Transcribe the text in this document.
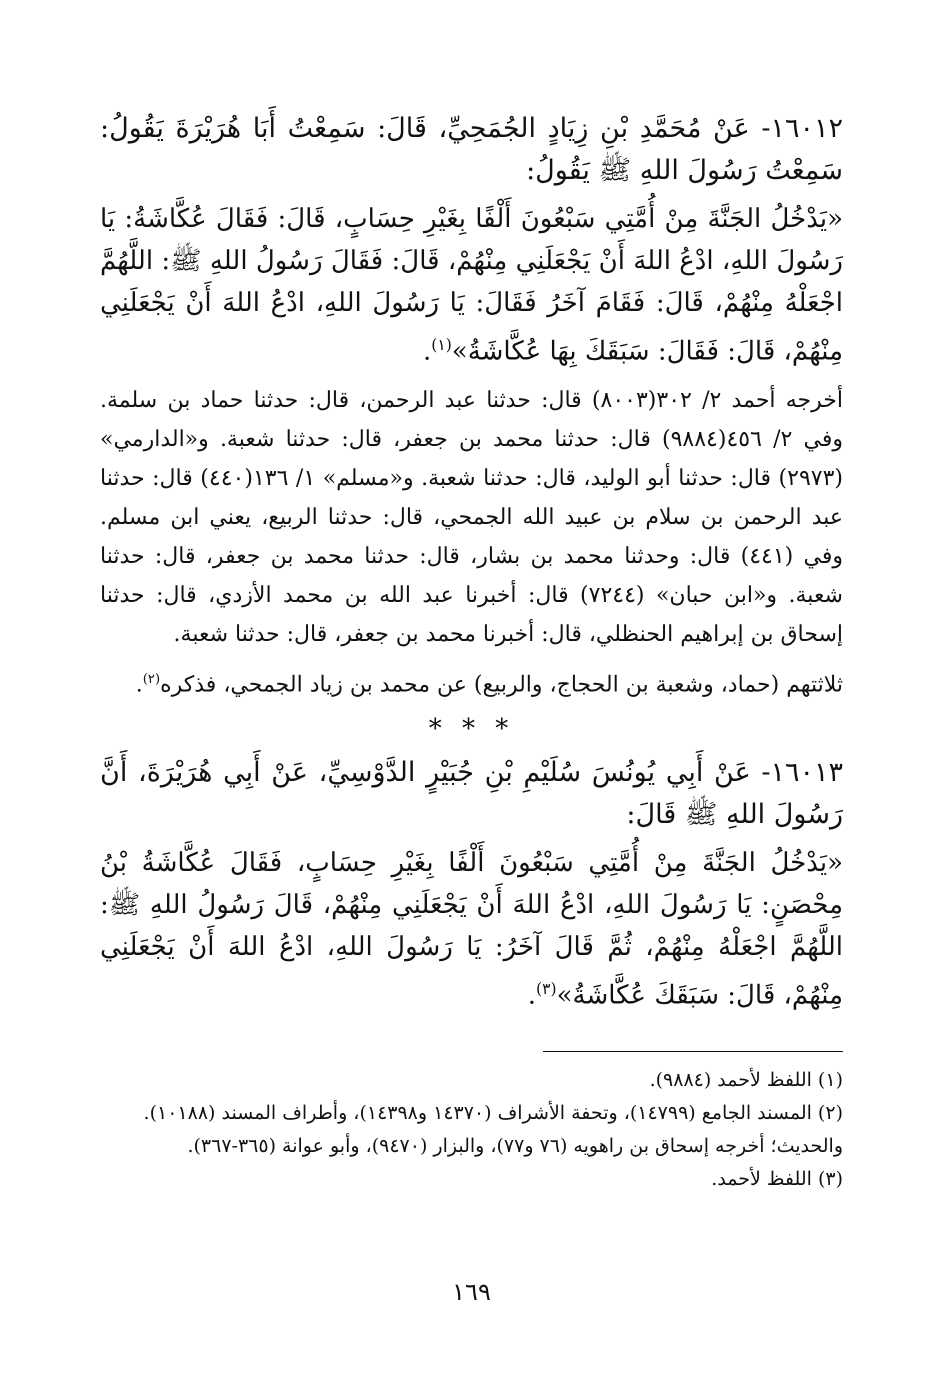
١٦٠١٢- عَنْ مُحَمَّدِ بْنِ زِيَادٍ الجُمَحِيِّ، قَالَ: سَمِعْتُ أَبَا هُرَيْرَةَ يَقُولُ: سَمِعْتُ رَسُولَ اللهِ ﷺ يَقُولُ:

«يَدْخُلُ الجَنَّةَ مِنْ أُمَّتِي سَبْعُونَ أَلْفًا بِغَيْرِ حِسَابٍ، قَالَ: فَقَالَ عُكَّاشَةُ: يَا رَسُولَ اللهِ، ادْعُ اللهَ أَنْ يَجْعَلَنِي مِنْهُمْ، قَالَ: فَقَالَ رَسُولُ اللهِ ﷺ: اللَّهُمَّ اجْعَلْهُ مِنْهُمْ، قَالَ: فَقَامَ آخَرُ فَقَالَ: يَا رَسُولَ اللهِ، ادْعُ اللهَ أَنْ يَجْعَلَنِي مِنْهُمْ، قَالَ: فَقَالَ: سَبَقَكَ بِهَا عُكَّاشَةُ»$^{(١)}$.

أخرجه أحمد ٢/ ٣٠٢(٨٠٠٣) قال: حدثنا عبد الرحمن، قال: حدثنا حماد بن سلمة. وفي ٢/ ٤٥٦(٩٨٨٤) قال: حدثنا محمد بن جعفر، قال: حدثنا شعبة. و«الدارمي» (٢٩٧٣) قال: حدثنا أبو الوليد، قال: حدثنا شعبة. و«مسلم» ١/ ١٣٦(٤٤٠) قال: حدثنا عبد الرحمن بن سلام بن عبيد الله الجمحي، قال: حدثنا الربيع، يعني ابن مسلم. وفي (٤٤١) قال: وحدثنا محمد بن بشار، قال: حدثنا محمد بن جعفر، قال: حدثنا شعبة. و«ابن حبان» (٧٢٤٤) قال: أخبرنا عبد الله بن محمد الأزدي، قال: حدثنا إسحاق بن إبراهيم الحنظلي، قال: أخبرنا محمد بن جعفر، قال: حدثنا شعبة.

ثلاثتهم (حماد، وشعبة بن الحجاج، والربيع) عن محمد بن زياد الجمحي، فذكره$^{(٢)}$.

* * *

١٦٠١٣- عَنْ أَبِي يُونُسَ سُلَيْمِ بْنِ جُبَيْرٍ الدَّوْسِيِّ، عَنْ أَبِي هُرَيْرَةَ، أَنَّ رَسُولَ اللهِ ﷺ قَالَ:

«يَدْخُلُ الجَنَّةَ مِنْ أُمَّتِي سَبْعُونَ أَلْفًا بِغَيْرِ حِسَابٍ، فَقَالَ عُكَّاشَةُ بْنُ مِحْصَنٍ: يَا رَسُولَ اللهِ، ادْعُ اللهَ أَنْ يَجْعَلَنِي مِنْهُمْ، قَالَ رَسُولُ اللهِ ﷺ: اللَّهُمَّ اجْعَلْهُ مِنْهُمْ، ثُمَّ قَالَ آخَرُ: يَا رَسُولَ اللهِ، ادْعُ اللهَ أَنْ يَجْعَلَنِي مِنْهُمْ، قَالَ: سَبَقَكَ عُكَّاشَةُ»$^{(٣)}$.

(١) اللفظ لأحمد (٩٨٨٤).
(٢) المسند الجامع (١٤٧٩٩)، وتحفة الأشراف (١٤٣٧٠ و١٤٣٩٨)، وأطراف المسند (١٠١٨٨).
والحديث؛ أخرجه إسحاق بن راهويه (٧٦ و٧٧)، والبزار (٩٤٧٠)، وأبو عوانة (٣٦٥-٣٦٧).
(٣) اللفظ لأحمد.
١٦٩
